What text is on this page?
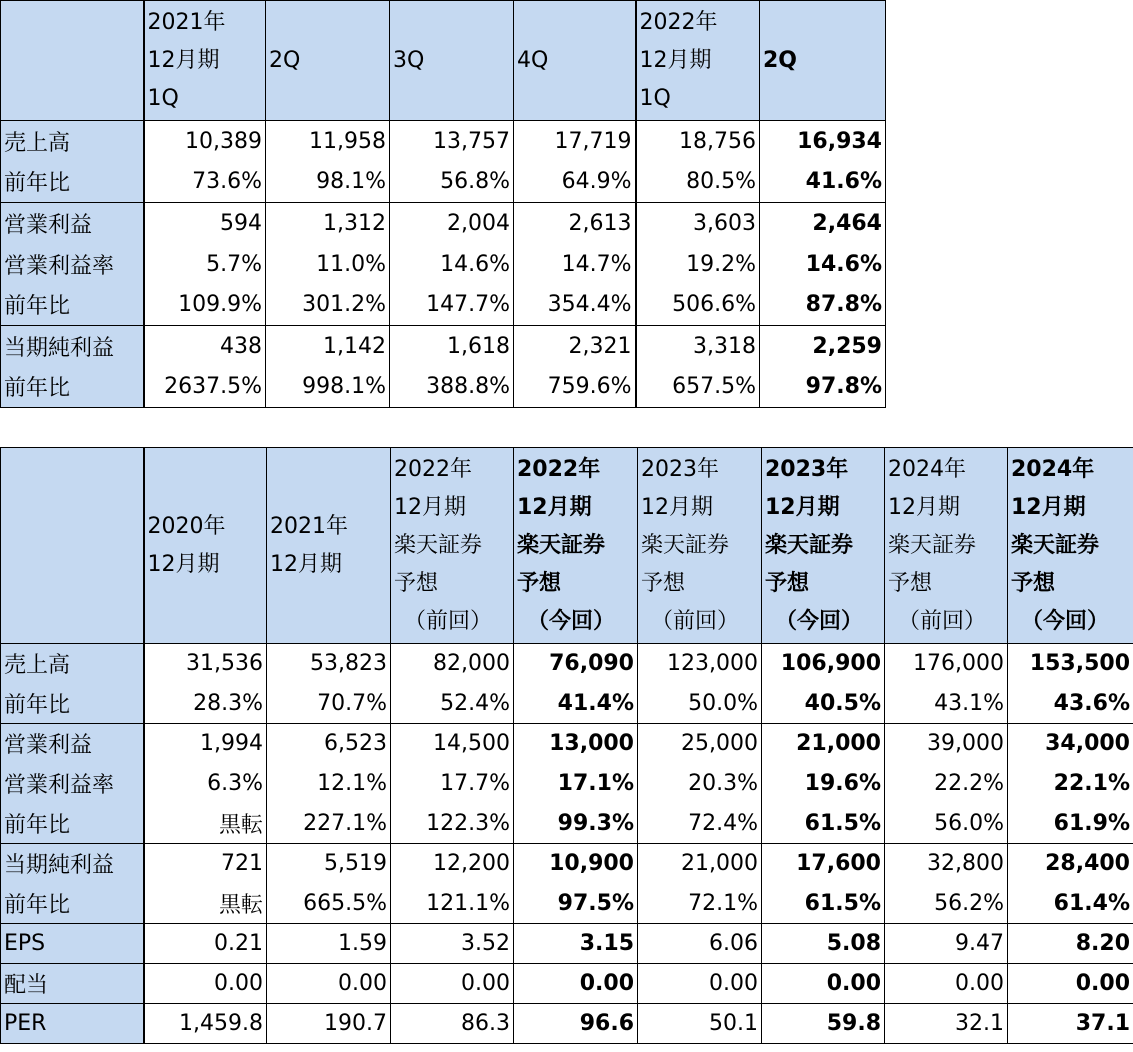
	2021年
12月期
1Q	2Q	3Q	4Q	2022年
12月期
1Q	2Q

売上高	10,389	11,958	13,757	17,719	18,756	16,934
前年比	73.6%	98.1%	56.8%	64.9%	80.5%	41.6%
営業利益	594	1,312	2,004	2,613	3,603	2,464
営業利益率	5.7%	11.0%	14.6%	14.7%	19.2%	14.6%
前年比	109.9%	301.2%	147.7%	354.4%	506.6%	87.8%
当期純利益	438	1,142	1,618	2,321	3,318	2,259
前年比	2637.5%	998.1%	388.8%	759.6%	657.5%	97.8%

	2020年
12月期	2021年
12月期	2022年
12月期
楽天証券
予想
（前回）	2022年
12月期
楽天証券
予想
（今回）	2023年
12月期
楽天証券
予想
（前回）	2023年
12月期
楽天証券
予想
（今回）	2024年
12月期
楽天証券
予想
（前回）	2024年
12月期
楽天証券
予想
（今回）

売上高	31,536	53,823	82,000	76,090	123,000	106,900	176,000	153,500
前年比	28.3%	70.7%	52.4%	41.4%	50.0%	40.5%	43.1%	43.6%
営業利益	1,994	6,523	14,500	13,000	25,000	21,000	39,000	34,000
営業利益率	6.3%	12.1%	17.7%	17.1%	20.3%	19.6%	22.2%	22.1%
前年比	黒転	227.1%	122.3%	99.3%	72.4%	61.5%	56.0%	61.9%
当期純利益	721	5,519	12,200	10,900	21,000	17,600	32,800	28,400
前年比	黒転	665.5%	121.1%	97.5%	72.1%	61.5%	56.2%	61.4%
EPS	0.21	1.59	3.52	3.15	6.06	5.08	9.47	8.20
配当	0.00	0.00	0.00	0.00	0.00	0.00	0.00	0.00
PER	1,459.8	190.7	86.3	96.6	50.1	59.8	32.1	37.1
